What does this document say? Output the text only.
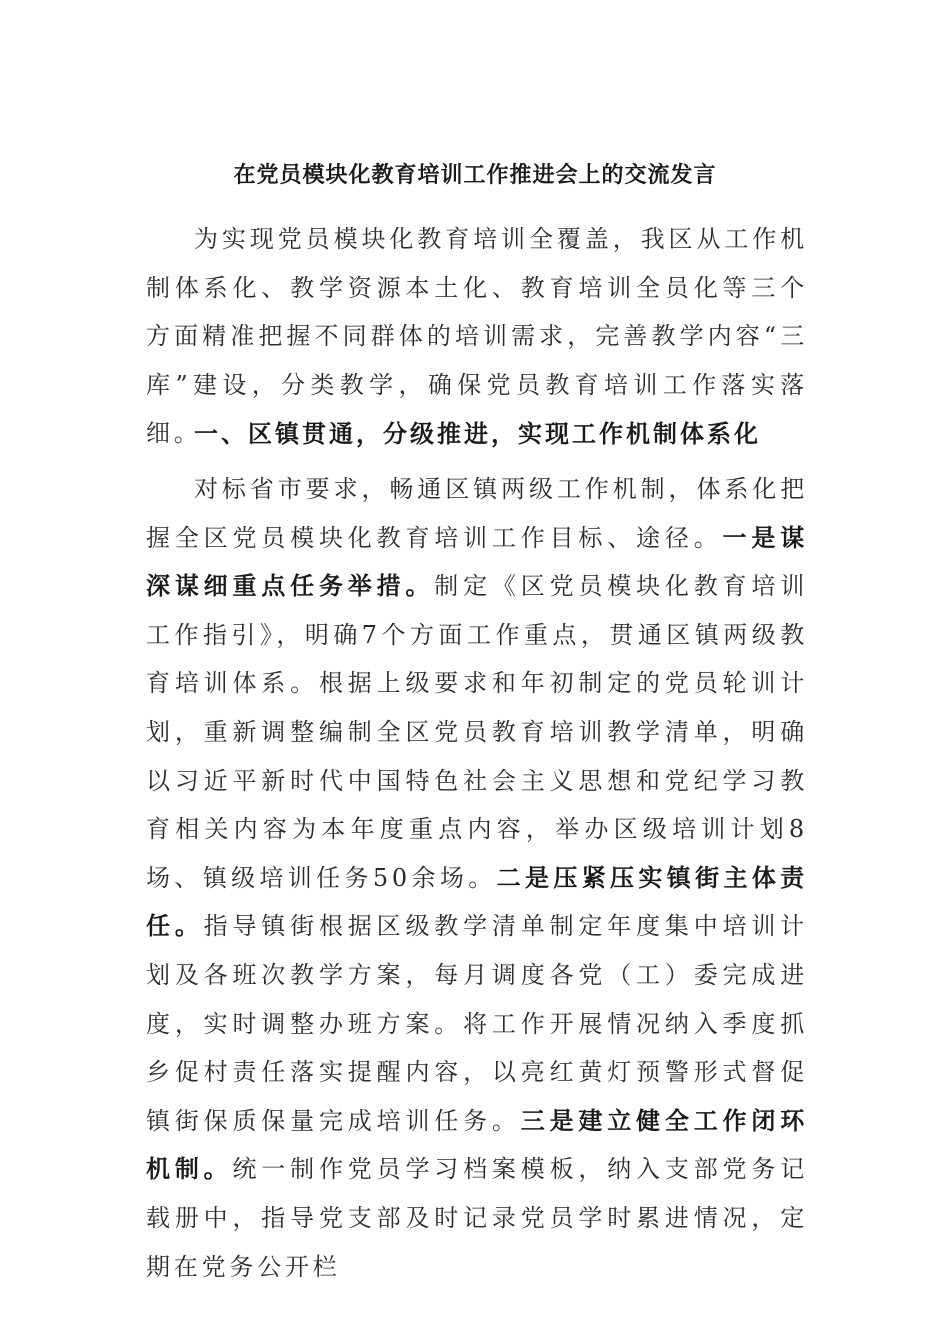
在党员模块化教育培训工作推进会上的交流发言

为实现党员模块化教育培训全覆盖，我区从工作机制体系化、教学资源本土化、教育培训全员化等三个方面精准把握不同群体的培训需求，完善教学内容“三库”建设，分类教学，确保党员教育培训工作落实落细。

一、区镇贯通，分级推进，实现工作机制体系化

对标省市要求，畅通区镇两级工作机制，体系化把握全区党员模块化教育培训工作目标、途径。一是谋深谋细重点任务举措。制定《区党员模块化教育培训工作指引》，明确7个方面工作重点，贯通区镇两级教育培训体系。根据上级要求和年初制定的党员轮训计划，重新调整编制全区党员教育培训教学清单，明确以习近平新时代中国特色社会主义思想和党纪学习教育相关内容为本年度重点内容，举办区级培训计划8场、镇级培训任务50余场。二是压紧压实镇街主体责任。指导镇街根据区级教学清单制定年度集中培训计划及各班次教学方案，每月调度各党（工）委完成进度，实时调整办班方案。将工作开展情况纳入季度抓乡促村责任落实提醒内容，以亮红黄灯预警形式督促镇街保质保量完成培训任务。三是建立健全工作闭环机制。统一制作党员学习档案模板，纳入支部党务记载册中，指导党支部及时记录党员学时累进情况，定期在党务公开栏
